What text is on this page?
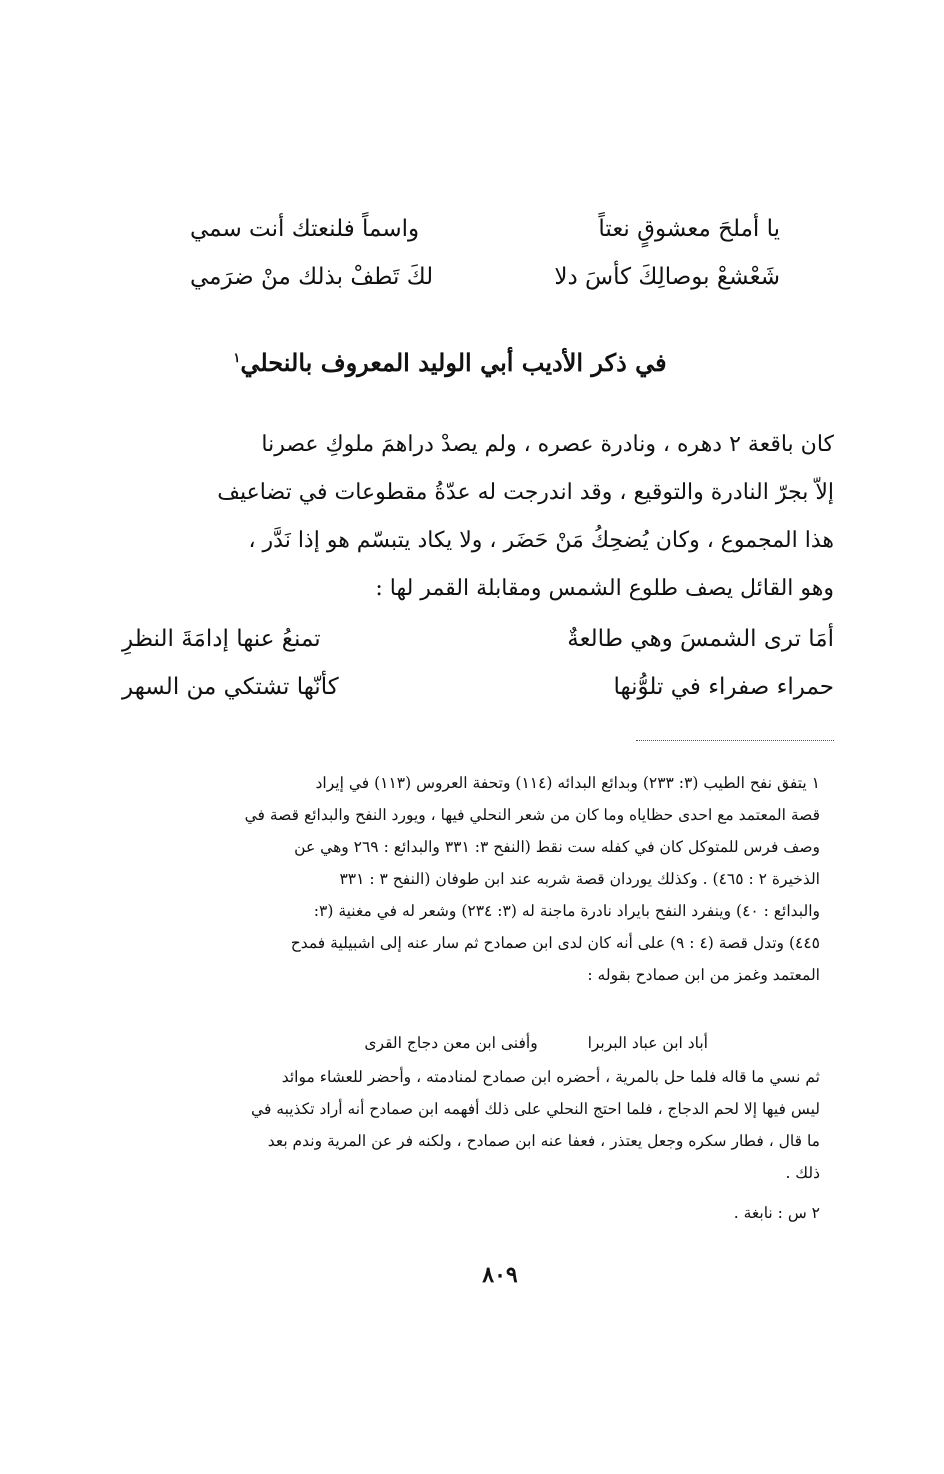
يا أملحَ معشوقٍ نعتاً
واسماً فلنعتك أنت سمي
شَعْشعْ بوصالِكَ كأسَ دلا
لكَ تَطفْ بذلك منْ ضرَمي
في ذكر الأديب أبي الوليد المعروف بالنحلي$^١$
كان باقعة ٢ دهره ، ونادرة عصره ، ولم يصدْ دراهمَ ملوكِ عصرنا
إلاّ بجرّ النادرة والتوقيع ، وقد اندرجت له عدّةُ مقطوعات في تضاعيف
هذا المجموع ، وكان يُضحِكُ مَنْ حَضَر ، ولا يكاد يتبسّم هو إذا نَدَّر ،
وهو القائل يصف طلوع الشمس ومقابلة القمر لها :
أمَا ترى الشمسَ وهي طالعةٌ
تمنعُ عنها إدامَةَ النظرِ
حمراء صفراء في تلوُّنها
كأنّها تشتكي من السهر
١ يتفق نفح الطيب (٣: ٢٣٣) وبدائع البدائه (١١٤) وتحفة العروس (١١٣) في إيراد
قصة المعتمد مع احدى حظاياه وما كان من شعر النحلي فيها ، ويورد النفح والبدائع قصة في
وصف فرس للمتوكل كان في كفله ست نقط (النفح ٣: ٣٣١ والبدائع : ٢٦٩ وهي عن
الذخيرة ٢ : ٤٦٥) . وكذلك يوردان قصة شربه عند ابن طوفان (النفح ٣ : ٣٣١
والبدائع : ٤٠) وينفرد النفح بايراد نادرة ماجنة له (٣: ٢٣٤) وشعر له في مغنية (٣:
٤٤٥) وتدل قصة (٤ : ٩) على أنه كان لدى ابن صمادح ثم سار عنه إلى اشبيلية فمدح
المعتمد وغمز من ابن صمادح بقوله :
أباد ابن عباد البربرا  وأفنى ابن معن دجاج القرى
ثم نسي ما قاله فلما حل بالمرية ، أحضره ابن صمادح لمنادمته ، وأحضر للعشاء موائد
ليس فيها إلا لحم الدجاج ، فلما احتج النحلي على ذلك أفهمه ابن صمادح أنه أراد تكذيبه في
ما قال ، فطار سكره وجعل يعتذر ، فعفا عنه ابن صمادح ، ولكنه فر عن المرية وندم بعد
ذلك .
٢ س : نابغة .
٨٠٩
